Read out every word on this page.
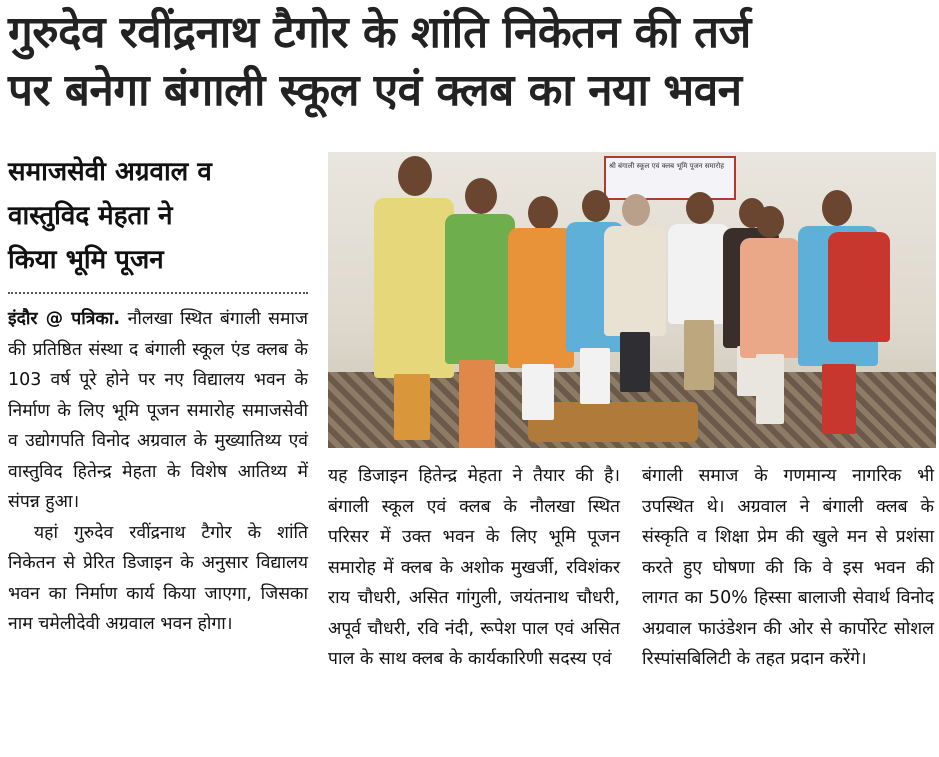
गुरुदेव रवींद्रनाथ टैगोर के शांति निकेतन की तर्ज
पर बनेगा बंगाली स्कूल एवं क्लब का नया भवन
समाजसेवी अग्रवाल व
वास्तुविद मेहता ने
किया भूमि पूजन
श्री बंगाली स्कूल एवं क्लब भूमि पूजन समारोह

इंदौर @ पत्रिका. नौलखा स्थित बंगाली समाज की प्रतिष्ठित संस्था द बंगाली स्कूल एंड क्लब के 103 वर्ष पूरे होने पर नए विद्यालय भवन के निर्माण के लिए भूमि पूजन समारोह समाजसेवी व उद्योगपति विनोद अग्रवाल के मुख्यातिथ्य एवं वास्तुविद हितेन्द्र मेहता के विशेष आतिथ्य में संपन्न हुआ।

यहां गुरुदेव रवींद्रनाथ टैगोर के शांति निकेतन से प्रेरित डिजाइन के अनुसार विद्यालय भवन का निर्माण कार्य किया जाएगा, जिसका नाम चमेलीदेवी अग्रवाल भवन होगा।

यह डिजाइन हितेन्द्र मेहता ने तैयार की है। बंगाली स्कूल एवं क्लब के नौलखा स्थित परिसर में उक्त भवन के लिए भूमि पूजन समारोह में क्लब के अशोक मुखर्जी, रविशंकर राय चौधरी, असित गांगुली, जयंतनाथ चौधरी, अपूर्व चौधरी, रवि नंदी, रूपेश पाल एवं असित पाल के साथ क्लब के कार्यकारिणी सदस्य एवं

बंगाली समाज के गणमान्य नागरिक भी उपस्थित थे। अग्रवाल ने बंगाली क्लब के संस्कृति व शिक्षा प्रेम की खुले मन से प्रशंसा करते हुए घोषणा की कि वे इस भवन की लागत का 50% हिस्सा बालाजी सेवार्थ विनोद अग्रवाल फाउंडेशन की ओर से कार्पोरेट सोशल रिस्पांसबिलिटी के तहत प्रदान करेंगे।
